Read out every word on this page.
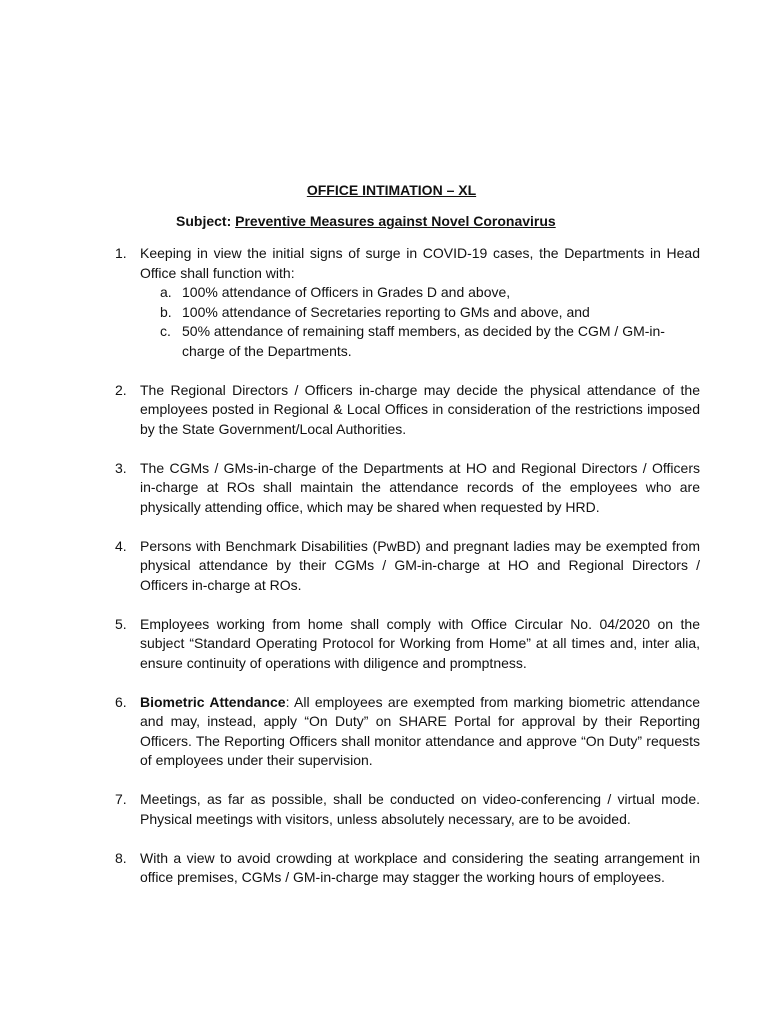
OFFICE INTIMATION – XL

Subject: Preventive Measures against Novel Coronavirus

1. Keeping in view the initial signs of surge in COVID-19 cases, the Departments in Head Office shall function with:

a. 100% attendance of Officers in Grades D and above,
b. 100% attendance of Secretaries reporting to GMs and above, and
c. 50% attendance of remaining staff members, as decided by the CGM / GM-in-charge of the Departments.
2. The Regional Directors / Officers in-charge may decide the physical attendance of the employees posted in Regional & Local Offices in consideration of the restrictions imposed by the State Government/Local Authorities.

3. The CGMs / GMs-in-charge of the Departments at HO and Regional Directors / Officers in-charge at ROs shall maintain the attendance records of the employees who are physically attending office, which may be shared when requested by HRD.

4. Persons with Benchmark Disabilities (PwBD) and pregnant ladies may be exempted from physical attendance by their CGMs / GM-in-charge at HO and Regional Directors / Officers in-charge at ROs.

5. Employees working from home shall comply with Office Circular No. 04/2020 on the subject “Standard Operating Protocol for Working from Home” at all times and, inter alia, ensure continuity of operations with diligence and promptness.

6. Biometric Attendance: All employees are exempted from marking biometric attendance and may, instead, apply “On Duty” on SHARE Portal for approval by their Reporting Officers. The Reporting Officers shall monitor attendance and approve “On Duty” requests of employees under their supervision.

7. Meetings, as far as possible, shall be conducted on video-conferencing / virtual mode. Physical meetings with visitors, unless absolutely necessary, are to be avoided.

8. With a view to avoid crowding at workplace and considering the seating arrangement in office premises, CGMs / GM-in-charge may stagger the working hours of employees.
